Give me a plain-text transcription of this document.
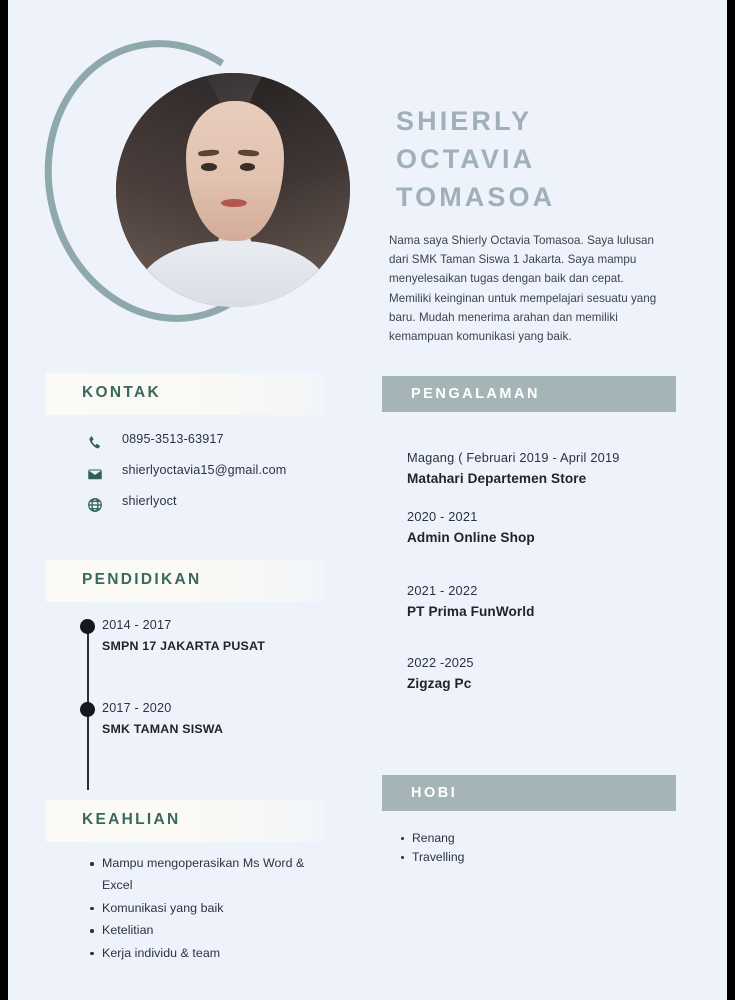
SHIERLY
OCTAVIA
TOMASOA
Nama saya Shierly Octavia Tomasoa. Saya lulusan dari SMK Taman Siswa 1 Jakarta. Saya mampu menyelesaikan tugas dengan baik dan cepat. Memiliki keinginan untuk mempelajari sesuatu yang baru. Mudah menerima arahan dan memiliki kemampuan komunikasi yang baik.
KONTAK
0895-3513-63917
shierlyoctavia15@gmail.com
shierlyoct
PENDIDIKAN
2014 - 2017
SMPN 17 JAKARTA PUSAT
2017 - 2020
SMK TAMAN SISWA
KEAHLIAN
Mampu mengoperasikan Ms Word & Excel
Komunikasi yang baik
Ketelitian
Kerja individu & team
PENGALAMAN
Magang ( Februari 2019 - April 2019
Matahari Departemen Store
2020 - 2021
Admin Online Shop
2021 - 2022
PT Prima FunWorld
2022 -2025
Zigzag Pc
HOBI
Renang
Travelling
